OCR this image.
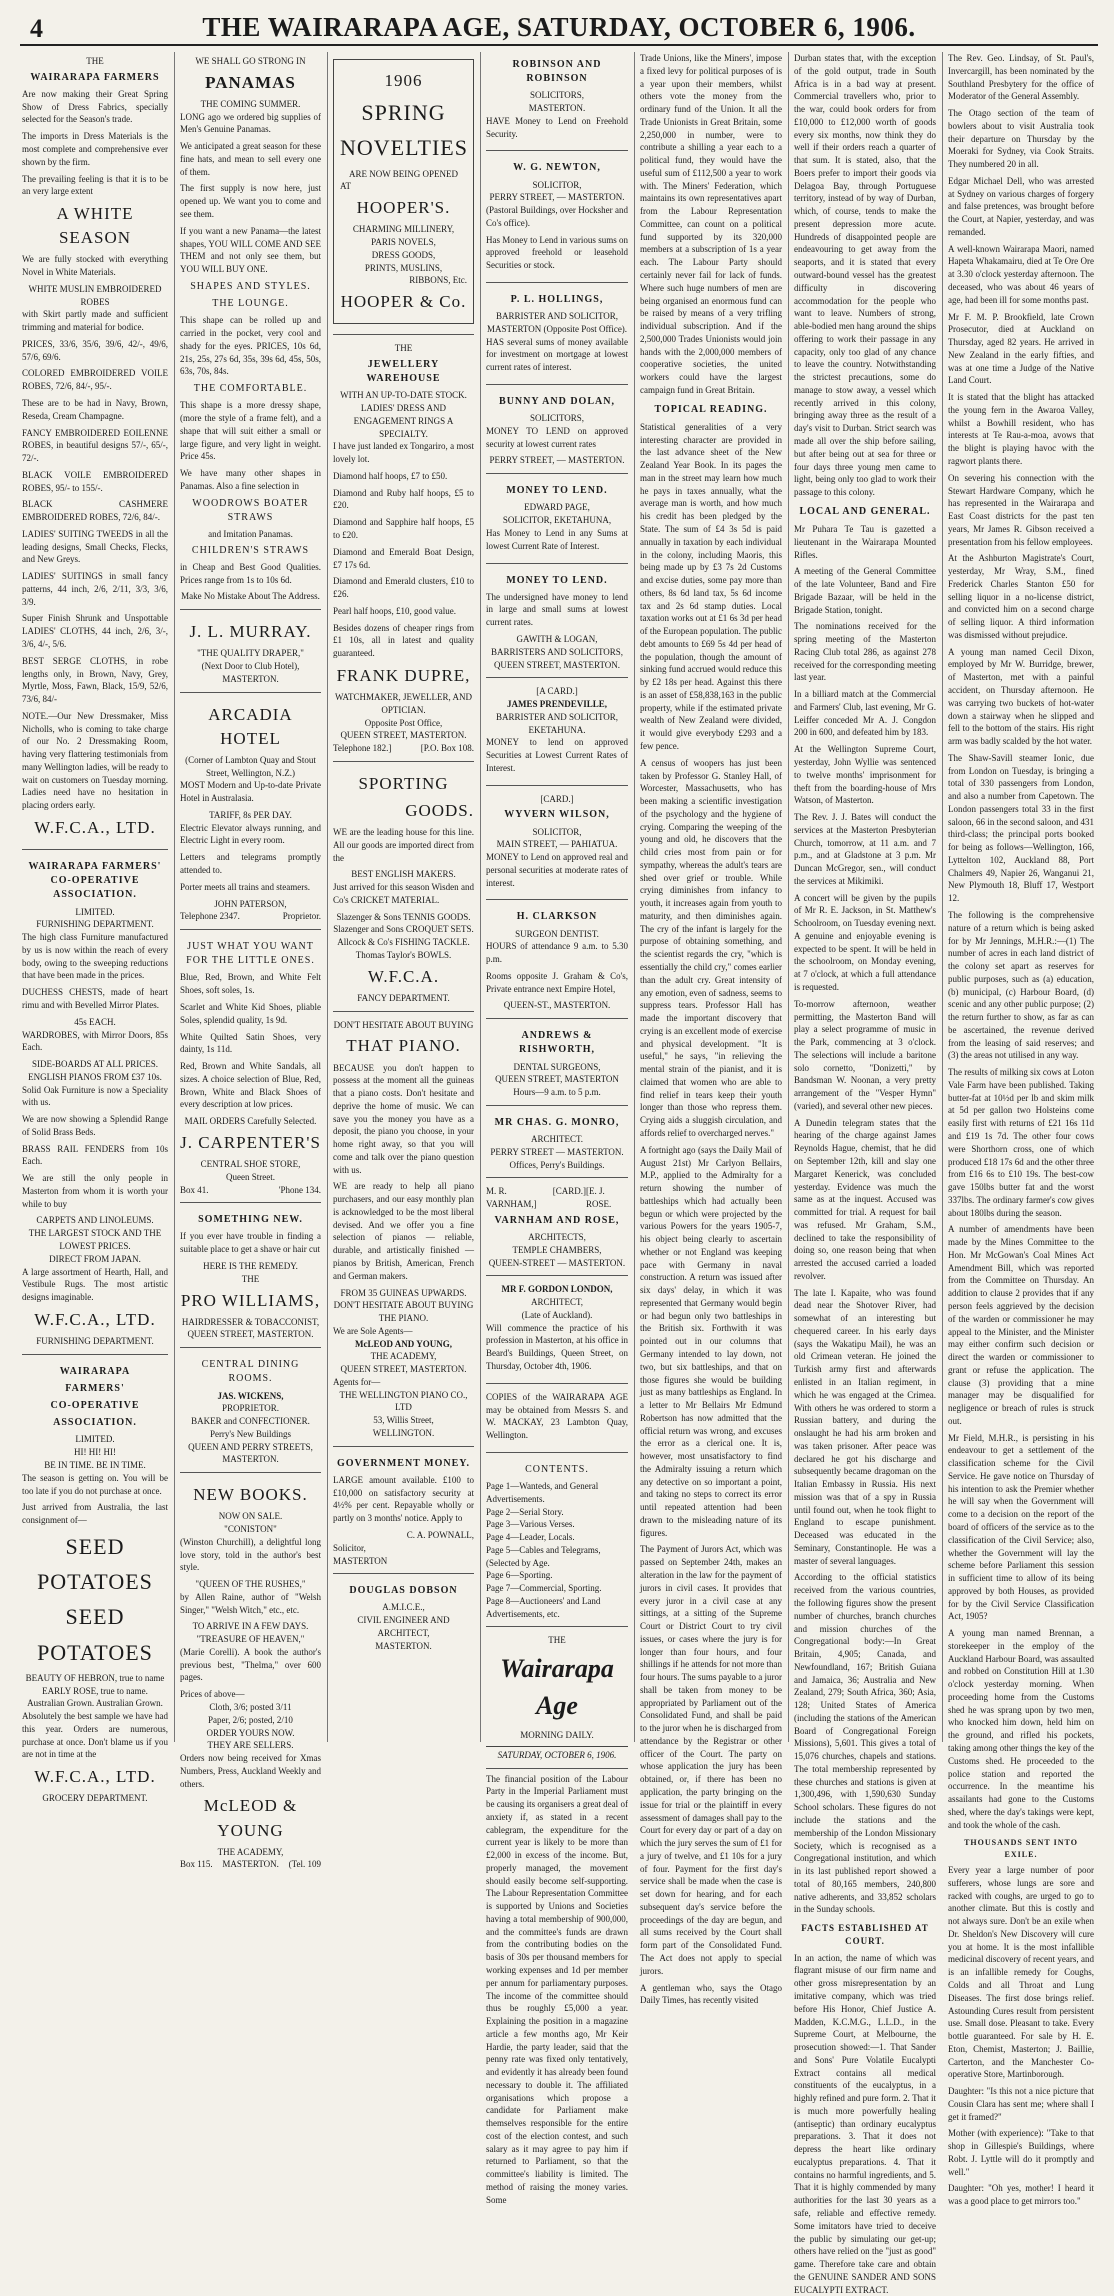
4	THE WAIRARAPA AGE, SATURDAY, OCTOBER 6, 1906.
THE
WAIRARAPA FARMERS

Are now making their Great Spring Show of Dress Fabrics, specially selected for the Season's trade.

The imports in Dress Materials is the most complete and comprehensive ever shown by the firm.

The prevailing feeling is that it is to be an very large extent

A WHITE SEASON

We are fully stocked with everything Novel in White Materials.

WHITE MUSLIN EMBROIDERED ROBES

with Skirt partly made and sufficient trimming and material for bodice.

PRICES, 33/6, 35/6, 39/6, 42/-, 49/6, 57/6, 69/6.

COLORED EMBROIDERED VOILE ROBES, 72/6, 84/-, 95/-.

These are to be had in Navy, Brown, Reseda, Cream Champagne.

FANCY EMBROIDERED EOILENNE ROBES, in beautiful designs 57/-, 65/-, 72/-.

BLACK VOILE EMBROIDERED ROBES, 95/- to 155/-.

BLACK CASHMERE EMBROIDERED ROBES, 72/6, 84/-.

LADIES' SUITING TWEEDS in all the leading designs, Small Checks, Flecks, and New Greys.

LADIES' SUITINGS in small fancy patterns, 44 inch, 2/6, 2/11, 3/3, 3/6, 3/9.

Super Finish Shrunk and Unspottable LADIES' CLOTHS, 44 inch, 2/6, 3/-, 3/6, 4/-, 5/6.

BEST SERGE CLOTHS, in robe lengths only, in Brown, Navy, Grey, Myrtle, Moss, Fawn, Black, 15/9, 52/6, 73/6, 84/-

NOTE.—Our New Dressmaker, Miss Nicholls, who is coming to take charge of our No. 2 Dressmaking Room, having very flattering testimonials from many Wellington ladies, will be ready to wait on customers on Tuesday morning. Ladies need have no hesitation in placing orders early.

W.F.C.A., LTD.
WAIRARAPA FARMERS' CO-OPERATIVE ASSOCIATION.
LIMITED.
FURNISHING DEPARTMENT.

The high class Furniture manufactured by us is now within the reach of every body, owing to the sweeping reductions that have been made in the prices.

DUCHESS CHESTS, made of heart rimu and with Bevelled Mirror Plates.

45s EACH.

WARDROBES, with Mirror Doors, 85s Each.

SIDE-BOARDS AT ALL PRICES.
ENGLISH PIANOS FROM £37 10s.

Solid Oak Furniture is now a Speciality with us.

We are now showing a Splendid Range of Solid Brass Beds.

BRASS RAIL FENDERS from 10s Each.

We are still the only people in Masterton from whom it is worth your while to buy

CARPETS AND LINOLEUMS.
THE LARGEST STOCK AND THE LOWEST PRICES.
DIRECT FROM JAPAN.

A large assortment of Hearth, Hall, and Vestibule Rugs. The most artistic designs imaginable.

W.F.C.A., LTD.
FURNISHING DEPARTMENT.
WAIRARAPA
FARMERS'
CO-OPERATIVE
ASSOCIATION.
LIMITED.
HI! HI! HI!
BE IN TIME. BE IN TIME.

The season is getting on. You will be too late if you do not purchase at once.

Just arrived from Australia, the last consignment of—

SEED
POTATOES
SEED
POTATOES
BEAUTY OF HEBRON, true to name
EARLY ROSE, true to name.
Australian Grown. Australian Grown.

Absolutely the best sample we have had this year. Orders are numerous, purchase at once. Don't blame us if you are not in time at the

W.F.C.A., LTD.
GROCERY DEPARTMENT.
WE SHALL GO STRONG IN
PANAMAS
THE COMING SUMMER.

LONG ago we ordered big supplies of Men's Genuine Panamas.

We anticipated a great season for these fine hats, and mean to sell every one of them.

The first supply is now here, just opened up. We want you to come and see them.

If you want a new Panama—the latest shapes, YOU WILL COME AND SEE THEM and not only see them, but YOU WILL BUY ONE.

SHAPES AND STYLES.
THE LOUNGE.

This shape can be rolled up and carried in the pocket, very cool and shady for the eyes. PRICES, 10s 6d, 21s, 25s, 27s 6d, 35s, 39s 6d, 45s, 50s, 63s, 70s, 84s.

THE COMFORTABLE.

This shape is a more dressy shape, (more the style of a frame felt), and a shape that will suit either a small or large figure, and very light in weight. Price 45s.

We have many other shapes in Panamas. Also a fine selection in

WOODROWS BOATER STRAWS
and Imitation Panamas.
CHILDREN'S STRAWS

in Cheap and Best Good Qualities. Prices range from 1s to 10s 6d.

Make No Mistake About The Address.
J. L. MURRAY.
"THE QUALITY DRAPER,"
(Next Door to Club Hotel),
MASTERTON.
ARCADIA HOTEL
(Corner of Lambton Quay and Stout Street, Wellington, N.Z.)

MOST Modern and Up-to-date Private Hotel in Australasia.

TARIFF, 8s PER DAY.

Electric Elevator always running, and Electric Light in every room.

Letters and telegrams promptly attended to.

Porter meets all trains and steamers.

JOHN PATERSON,
Telephone 2347.	Proprietor.
JUST WHAT YOU WANT FOR THE LITTLE ONES.

Blue, Red, Brown, and White Felt Shoes, soft soles, 1s.

Scarlet and White Kid Shoes, pliable Soles, splendid quality, 1s 9d.

White Quilted Satin Shoes, very dainty, 1s 11d.

Red, Brown and White Sandals, all sizes. A choice selection of Blue, Red, Brown, White and Black Shoes of every description at low prices.

MAIL ORDERS Carefully Selected.
J. CARPENTER'S
CENTRAL SHOE STORE,
Queen Street.
Box 41.	'Phone 134.
SOMETHING NEW.

If you ever have trouble in finding a suitable place to get a shave or hair cut

HERE IS THE REMEDY.
THE
PRO WILLIAMS,
HAIRDRESSER & TOBACCONIST,
QUEEN STREET, MASTERTON.
CENTRAL DINING ROOMS.
JAS. WICKENS,
PROPRIETOR.
BAKER and CONFECTIONER.
Perry's New Buildings
QUEEN AND PERRY STREETS,
MASTERTON.
NEW BOOKS.
NOW ON SALE.
"CONISTON"

(Winston Churchill), a delightful long love story, told in the author's best style.

"QUEEN OF THE RUSHES,"

by Allen Raine, author of "Welsh Singer," "Welsh Witch," etc., etc.

TO ARRIVE IN A FEW DAYS.
"TREASURE OF HEAVEN,"

(Marie Corelli). A book the author's previous best, "Thelma," over 600 pages.

Prices of above—
Cloth, 3/6; posted 3/11
Paper, 2/6; posted, 2/10
ORDER YOURS NOW.
THEY ARE SELLERS.

Orders now being received for Xmas Numbers, Press, Auckland Weekly and others.

McLEOD & YOUNG
THE ACADEMY,
Box 115. MASTERTON. (Tel. 109
1906
SPRING
NOVELTIES
ARE NOW BEING OPENED
AT
HOOPER'S.
CHARMING MILLINERY,
PARIS NOVELS,
DRESS GOODS,
PRINTS, MUSLINS,
RIBBONS, Etc.
HOOPER & Co.
THE
JEWELLERY WAREHOUSE
WITH AN UP-TO-DATE STOCK.
LADIES' DRESS AND ENGAGEMENT RINGS A SPECIALTY.

I have just landed ex Tongariro, a most lovely lot.

Diamond half hoops, £7 to £50.

Diamond and Ruby half hoops, £5 to £20.

Diamond and Sapphire half hoops, £5 to £20.

Diamond and Emerald Boat Design, £7 17s 6d.

Diamond and Emerald clusters, £10 to £26.

Pearl half hoops, £10, good value.

Besides dozens of cheaper rings from £1 10s, all in latest and quality guaranteed.

FRANK DUPRE,
WATCHMAKER, JEWELLER, AND OPTICIAN.
Opposite Post Office,
QUEEN STREET, MASTERTON.
Telephone 182.]	[P.O. Box 108.
SPORTING
GOODS.

WE are the leading house for this line. All our goods are imported direct from the

BEST ENGLISH MAKERS.

Just arrived for this season Wisden and Co's CRICKET MATERIAL.

Slazenger & Sons TENNIS GOODS.
Slazenger and Sons CROQUET SETS.
Allcock & Co's FISHING TACKLE.
Thomas Taylor's BOWLS.
W.F.C.A.
FANCY DEPARTMENT.
DON'T HESITATE ABOUT BUYING
THAT PIANO.

BECAUSE you don't happen to possess at the moment all the guineas that a piano costs. Don't hesitate and deprive the home of music. We can save you the money you have as a deposit, the piano you choose, in your home right away, so that you will come and talk over the piano question with us.

WE are ready to help all piano purchasers, and our easy monthly plan is acknowledged to be the most liberal devised. And we offer you a fine selection of pianos — reliable, durable, and artistically finished — pianos by British, American, French and German makers.

FROM 35 GUINEAS UPWARDS.
DON'T HESITATE ABOUT BUYING THE PIANO.
We are Sole Agents—
McLEOD AND YOUNG,
THE ACADEMY,
QUEEN STREET, MASTERTON.
Agents for—
THE WELLINGTON PIANO CO., LTD
53, Willis Street,
WELLINGTON.
GOVERNMENT MONEY.

LARGE amount available. £100 to £10,000 on satisfactory security at 4½% per cent. Repayable wholly or partly on 3 months' notice. Apply to

C. A. POWNALL,
Solicitor,
MASTERTON
DOUGLAS DOBSON
A.M.I.C.E.,
CIVIL ENGINEER AND ARCHITECT,
MASTERTON.
ROBINSON AND ROBINSON
SOLICITORS,
MASTERTON.

HAVE Money to Lend on Freehold Security.

W. G. NEWTON,
SOLICITOR,
PERRY STREET, — MASTERTON.

(Pastoral Buildings, over Hocksher and Co's office).

Has Money to Lend in various sums on approved freehold or leasehold Securities or stock.

P. L. HOLLINGS,
BARRISTER AND SOLICITOR,
MASTERTON (Opposite Post Office).

HAS several sums of money available for investment on mortgage at lowest current rates of interest.

BUNNY AND DOLAN,
SOLICITORS,

MONEY TO LEND on approved security at lowest current rates

PERRY STREET, — MASTERTON.
MONEY TO LEND.
EDWARD PAGE,
SOLICITOR, EKETAHUNA,

Has Money to Lend in any Sums at lowest Current Rate of Interest.

MONEY TO LEND.

The undersigned have money to lend in large and small sums at lowest current rates.

GAWITH & LOGAN,
BARRISTERS AND SOLICITORS,
QUEEN STREET, MASTERTON.
[A CARD.]
JAMES PRENDEVILLE,
BARRISTER AND SOLICITOR,
EKETAHUNA.

MONEY to lend on approved Securities at Lowest Current Rates of Interest.

[CARD.]
WYVERN WILSON,
SOLICITOR,
MAIN STREET, — PAHIATUA.

MONEY to Lend on approved real and personal securities at moderate rates of interest.

H. CLARKSON
SURGEON DENTIST.

HOURS of attendance 9 a.m. to 5.30 p.m.

Rooms opposite J. Graham & Co's, Private entrance next Empire Hotel,

QUEEN-ST., MASTERTON.
ANDREWS & RISHWORTH,
DENTAL SURGEONS,
QUEEN STREET, MASTERTON
Hours—9 a.m. to 5 p.m.
MR CHAS. G. MONRO,
ARCHITECT.
PERRY STREET — MASTERTON.
Offices, Perry's Buildings.
M. R. VARNHAM,]
[CARD.] [E. J. ROSE.
VARNHAM AND ROSE,
ARCHITECTS,
TEMPLE CHAMBERS,
QUEEN-STREET — MASTERTON.
MR F. GORDON LONDON,
ARCHITECT,
(Late of Auckland).

Will commence the practice of his profession in Masterton, at his office in Beard's Buildings, Queen Street, on Thursday, October 4th, 1906.

COPIES of the WAIRARAPA AGE may be obtained from Messrs S. and W. MACKAY, 23 Lambton Quay, Wellington.

CONTENTS.
Page 1—Wanteds, and General Advertisements.
Page 2—Serial Story.
Page 3—Various Verses.
Page 4—Leader, Locals.
Page 5—Cables and Telegrams,
(Selected by Age.
Page 6—Sporting.
Page 7—Commercial, Sporting.
Page 8—Auctioneers' and Land Advertisements, etc.
THE
Wairarapa Age
MORNING DAILY.
SATURDAY, OCTOBER 6, 1906.

The financial position of the Labour Party in the Imperial Parliament must be causing its organisers a great deal of anxiety if, as stated in a recent cablegram, the expenditure for the current year is likely to be more than £2,000 in excess of the income. But, properly managed, the movement should easily become self-supporting. The Labour Representation Committee is supported by Unions and Societies having a total membership of 900,000, and the committee's funds are drawn from the contributing bodies on the basis of 30s per thousand members for working expenses and 1d per member per annum for parliamentary purposes. The income of the committee should thus be roughly £5,000 a year. Explaining the position in a magazine article a few months ago, Mr Keir Hardie, the party leader, said that the penny rate was fixed only tentatively, and evidently it has already been found necessary to double it. The affiliated organisations which propose a candidate for Parliament make themselves responsible for the entire cost of the election contest, and such salary as it may agree to pay him if returned to Parliament, so that the committee's liability is limited. The method of raising the money varies. Some

Trade Unions, like the Miners', impose a fixed levy for political purposes of is a year upon their members, whilst others vote the money from the ordinary fund of the Union. It all the Trade Unionists in Great Britain, some 2,250,000 in number, were to contribute a shilling a year each to a political fund, they would have the useful sum of £112,500 a year to work with. The Miners' Federation, which maintains its own representatives apart from the Labour Representation Committee, can count on a political fund supported by its 320,000 members at a subscription of 1s a year each. The Labour Party should certainly never fail for lack of funds. Where such huge numbers of men are being organised an enormous fund can be raised by means of a very trifling individual subscription. And if the 2,500,000 Trades Unionists would join hands with the 2,000,000 members of cooperative societies, the united workers could have the largest campaign fund in Great Britain.

TOPICAL READING.

Statistical generalities of a very interesting character are provided in the last advance sheet of the New Zealand Year Book. In its pages the man in the street may learn how much he pays in taxes annually, what the average man is worth, and how much his credit has been pledged by the State. The sum of £4 3s 5d is paid annually in taxation by each individual in the colony, including Maoris, this being made up by £3 7s 2d Customs and excise duties, some pay more than others, 8s 6d land tax, 5s 6d income tax and 2s 6d stamp duties. Local taxation works out at £1 6s 3d per head of the European population. The public debt amounts to £69 5s 4d per head of the population, though the amount of sinking fund accrued would reduce this by £2 18s per head. Against this there is an asset of £58,838,163 in the public property, while if the estimated private wealth of New Zealand were divided, it would give everybody £293 and a few pence.

A census of woopers has just been taken by Professor G. Stanley Hall, of Worcester, Massachusetts, who has been making a scientific investigation of the psychology and the hygiene of crying. Comparing the weeping of the young and old, he discovers that the child cries most from pain or for sympathy, whereas the adult's tears are shed over grief or trouble. While crying diminishes from infancy to youth, it increases again from youth to maturity, and then diminishes again. The cry of the infant is largely for the purpose of obtaining something, and the scientist regards the cry, "which is essentially the child cry," comes earlier than the adult cry. Great intensity of any emotion, even of sadness, seems to suppress tears. Professor Hall has made the important discovery that crying is an excellent mode of exercise and physical development. "It is useful," he says, "in relieving the mental strain of the pianist, and it is claimed that women who are able to find relief in tears keep their youth longer than those who repress them. Crying aids a sluggish circulation, and affords relief to overcharged nerves."

A fortnight ago (says the Daily Mail of August 21st) Mr Carlyon Bellairs, M.P., applied to the Admiralty for a return showing the number of battleships which had actually been begun or which were projected by the various Powers for the years 1905-7, his object being clearly to ascertain whether or not England was keeping pace with Germany in naval construction. A return was issued after six days' delay, in which it was represented that Germany would begin or had begun only two battleships in the British six. Forthwith it was pointed out in our columns that Germany intended to lay down, not two, but six battleships, and that on those figures she would be building just as many battleships as England. In a letter to Mr Bellairs Mr Edmund Robertson has now admitted that the official return was wrong, and excuses the error as a clerical one. It is, however, most unsatisfactory to find the Admiralty issuing a return which any detective on so important a point, and taking no steps to correct its error until repeated attention had been drawn to the misleading nature of its figures.

The Payment of Jurors Act, which was passed on September 24th, makes an alteration in the law for the payment of jurors in civil cases. It provides that every juror in a civil case at any sittings, at a sitting of the Supreme Court or District Court to try civil issues, or cases where the jury is for longer than four hours, and four shillings if he attends for not more than four hours. The sums payable to a juror shall be taken from money to be appropriated by Parliament out of the Consolidated Fund, and shall be paid to the juror when he is discharged from attendance by the Registrar or other officer of the Court. The party on whose application the jury has been obtained, or, if there has been no application, the party bringing on the issue for trial or the plaintiff in every assessment of damages shall pay to the Court for every day or part of a day on which the jury serves the sum of £1 for a jury of twelve, and £1 10s for a jury of four. Payment for the first day's service shall be made when the case is set down for hearing, and for each subsequent day's service before the proceedings of the day are begun, and all sums received by the Court shall form part of the Consolidated Fund. The Act does not apply to special jurors.

A gentleman who, says the Otago Daily Times, has recently visited

Durban states that, with the exception of the gold output, trade in South Africa is in a bad way at present. Commercial travellers who, prior to the war, could book orders for from £10,000 to £12,000 worth of goods every six months, now think they do well if their orders reach a quarter of that sum. It is stated, also, that the Boers prefer to import their goods via Delagoa Bay, through Portuguese territory, instead of by way of Durban, which, of course, tends to make the present depression more acute. Hundreds of disappointed people are endeavouring to get away from the seaports, and it is stated that every outward-bound vessel has the greatest difficulty in discovering accommodation for the people who want to leave. Numbers of strong, able-bodied men hang around the ships offering to work their passage in any capacity, only too glad of any chance to leave the country. Notwithstanding the strictest precautions, some do manage to stow away, a vessel which recently arrived in this colony, bringing away three as the result of a day's visit to Durban. Strict search was made all over the ship before sailing, but after being out at sea for three or four days three young men came to light, being only too glad to work their passage to this colony.

LOCAL AND GENERAL.

Mr Puhara Te Tau is gazetted a lieutenant in the Wairarapa Mounted Rifles.

A meeting of the General Committee of the late Volunteer, Band and Fire Brigade Bazaar, will be held in the Brigade Station, tonight.

The nominations received for the spring meeting of the Masterton Racing Club total 286, as against 278 received for the corresponding meeting last year.

In a billiard match at the Commercial and Farmers' Club, last evening, Mr G. Leiffer conceded Mr A. J. Congdon 200 in 600, and defeated him by 183.

At the Wellington Supreme Court, yesterday, John Wyllie was sentenced to twelve months' imprisonment for theft from the boarding-house of Mrs Watson, of Masterton.

The Rev. J. J. Bates will conduct the services at the Masterton Presbyterian Church, tomorrow, at 11 a.m. and 7 p.m., and at Gladstone at 3 p.m. Mr Duncan McGregor, sen., will conduct the services at Mikimiki.

A concert will be given by the pupils of Mr R. E. Jackson, in St. Matthew's Schoolroom, on Tuesday evening next. A genuine and enjoyable evening is expected to be spent. It will be held in the schoolroom, on Monday evening, at 7 o'clock, at which a full attendance is requested.

To-morrow afternoon, weather permitting, the Masterton Band will play a select programme of music in the Park, commencing at 3 o'clock. The selections will include a baritone solo cornetto, "Donizetti," by Bandsman W. Noonan, a very pretty arrangement of the "Vesper Hymn" (varied), and several other new pieces.

A Dunedin telegram states that the hearing of the charge against James Reynolds Hague, chemist, that he did on September 12th, kill and slay one Margaret Kenerick, was concluded yesterday. Evidence was much the same as at the inquest. Accused was committed for trial. A request for bail was refused. Mr Graham, S.M., declined to take the responsibility of doing so, one reason being that when arrested the accused carried a loaded revolver.

The late I. Kapaite, who was found dead near the Shotover River, had somewhat of an interesting but chequered career. In his early days (says the Wakatipu Mail), he was an old Crimean veteran. He joined the Turkish army first and afterwards enlisted in an Italian regiment, in which he was engaged at the Crimea. With others he was ordered to storm a Russian battery, and during the onslaught he had his arm broken and was taken prisoner. After peace was declared he got his discharge and subsequently became dragoman on the Italian Embassy in Russia. His next mission was that of a spy in Russia until found out, when he took flight to England to escape punishment. Deceased was educated in the Seminary, Constantinople. He was a master of several languages.

According to the official statistics received from the various countries, the following figures show the present number of churches, branch churches and mission churches of the Congregational body:—In Great Britain, 4,905; Canada, and Newfoundland, 167; British Guiana and Jamaica, 36; Australia and New Zealand, 279; South Africa, 360; Asia, 128; United States of America (including the stations of the American Board of Congregational Foreign Missions), 5,601. This gives a total of 15,076 churches, chapels and stations. The total membership represented by these churches and stations is given at 1,300,496, with 1,590,630 Sunday School scholars. These figures do not include the stations and the membership of the London Missionary Society, which is recognised as a Congregational institution, and which in its last published report showed a total of 80,165 members, 240,800 native adherents, and 33,852 scholars in the Sunday schools.

FACTS ESTABLISHED AT COURT.

In an action, the name of which was flagrant misuse of our firm name and other gross misrepresentation by an imitative company, which was tried before His Honor, Chief Justice A. Madden, K.C.M.G., L.L.D., in the Supreme Court, at Melbourne, the prosecution showed:—1. That Sander and Sons' Pure Volatile Eucalypti Extract contains all medical constituents of the eucalyptus, in a highly refined and pure form. 2. That it is much more powerfully healing (antiseptic) than ordinary eucalyptus preparations. 3. That it does not depress the heart like ordinary eucalyptus preparations. 4. That it contains no harmful ingredients, and 5. That it is highly commended by many authorities for the last 30 years as a safe, reliable and effective remedy. Some imitators have tried to deceive the public by simulating our get-up; others have relied on the "just as good" game. Therefore take care and obtain the GENUINE SANDER AND SONS EUCALYPTI EXTRACT.

The Rev. Geo. Lindsay, of St. Paul's, Invercargill, has been nominated by the Southland Presbytery for the office of Moderator of the General Assembly.

The Otago section of the team of bowlers about to visit Australia took their departure on Thursday by the Moeraki for Sydney, via Cook Straits. They numbered 20 in all.

Edgar Michael Dell, who was arrested at Sydney on various charges of forgery and false pretences, was brought before the Court, at Napier, yesterday, and was remanded.

A well-known Wairarapa Maori, named Hapeta Whakamairu, died at Te Ore Ore at 3.30 o'clock yesterday afternoon. The deceased, who was about 46 years of age, had been ill for some months past.

Mr F. M. P. Brookfield, late Crown Prosecutor, died at Auckland on Thursday, aged 82 years. He arrived in New Zealand in the early fifties, and was at one time a Judge of the Native Land Court.

It is stated that the blight has attacked the young fern in the Awaroa Valley, whilst a Bowhill resident, who has interests at Te Rau-a-moa, avows that the blight is playing havoc with the ragwort plants there.

On severing his connection with the Stewart Hardware Company, which he has represented in the Wairarapa and East Coast districts for the past ten years, Mr James R. Gibson received a presentation from his fellow employees.

At the Ashburton Magistrate's Court, yesterday, Mr Wray, S.M., fined Frederick Charles Stanton £50 for selling liquor in a no-license district, and convicted him on a second charge of selling liquor. A third information was dismissed without prejudice.

A young man named Cecil Dixon, employed by Mr W. Burridge, brewer, of Masterton, met with a painful accident, on Thursday afternoon. He was carrying two buckets of hot-water down a stairway when he slipped and fell to the bottom of the stairs. His right arm was badly scalded by the hot water.

The Shaw-Savill steamer Ionic, due from London on Tuesday, is bringing a total of 330 passengers from London, and also a number from Capetown. The London passengers total 33 in the first saloon, 66 in the second saloon, and 431 third-class; the principal ports booked for being as follows—Wellington, 166, Lyttelton 102, Auckland 88, Port Chalmers 49, Napier 26, Wanganui 21, New Plymouth 18, Bluff 17, Westport 12.

The following is the comprehensive nature of a return which is being asked for by Mr Jennings, M.H.R.:—(1) The number of acres in each land district of the colony set apart as reserves for public purposes, such as (a) education, (b) municipal, (c) Harbour Board, (d) scenic and any other public purpose; (2) the return further to show, as far as can be ascertained, the revenue derived from the leasing of said reserves; and (3) the areas not utilised in any way.

The results of milking six cows at Loton Vale Farm have been published. Taking butter-fat at 10½d per lb and skim milk at 5d per gallon two Holsteins come easily first with returns of £21 16s 11d and £19 1s 7d. The other four cows were Shorthorn cross, one of which produced £18 17s 6d and the other three from £16 6s to £10 19s. The best-cow gave 150lbs butter fat and the worst 337lbs. The ordinary farmer's cow gives about 180lbs during the season.

A number of amendments have been made by the Mines Committee to the Hon. Mr McGowan's Coal Mines Act Amendment Bill, which was reported from the Committee on Thursday. An addition to clause 2 provides that if any person feels aggrieved by the decision of the warden or commissioner he may appeal to the Minister, and the Minister may either confirm such decision or direct the warden or commissioner to grant or refuse the application. The clause (3) providing that a mine manager may be disqualified for negligence or breach of rules is struck out.

Mr Field, M.H.R., is persisting in his endeavour to get a settlement of the classification scheme for the Civil Service. He gave notice on Thursday of his intention to ask the Premier whether he will say when the Government will come to a decision on the report of the board of officers of the service as to the classification of the Civil Service; also, whether the Government will lay the scheme before Parliament this session in sufficient time to allow of its being approved by both Houses, as provided for by the Civil Service Classification Act, 1905?

A young man named Brennan, a storekeeper in the employ of the Auckland Harbour Board, was assaulted and robbed on Constitution Hill at 1.30 o'clock yesterday morning. When proceeding home from the Customs shed he was sprang upon by two men, who knocked him down, held him on the ground, and rifled his pockets, taking among other things the key of the Customs shed. He proceeded to the police station and reported the occurrence. In the meantime his assailants had gone to the Customs shed, where the day's takings were kept, and took the whole of the cash.

THOUSANDS SENT INTO EXILE.

Every year a large number of poor sufferers, whose lungs are sore and racked with coughs, are urged to go to another climate. But this is costly and not always sure. Don't be an exile when Dr. Sheldon's New Discovery will cure you at home. It is the most infallible medicinal discovery of recent years, and is an infallible remedy for Coughs, Colds and all Throat and Lung Diseases. The first dose brings relief. Astounding Cures result from persistent use. Small dose. Pleasant to take. Every bottle guaranteed. For sale by H. E. Eton, Chemist, Masterton; J. Baillie, Carterton, and the Manchester Co-operative Store, Martinborough.

Daughter: "Is this not a nice picture that Cousin Clara has sent me; where shall I get it framed?"

Mother (with experience): "Take to that shop in Gillespie's Buildings, where Robt. J. Lyttle will do it promptly and well."

Daughter: "Oh yes, mother! I heard it was a good place to get mirrors too."
